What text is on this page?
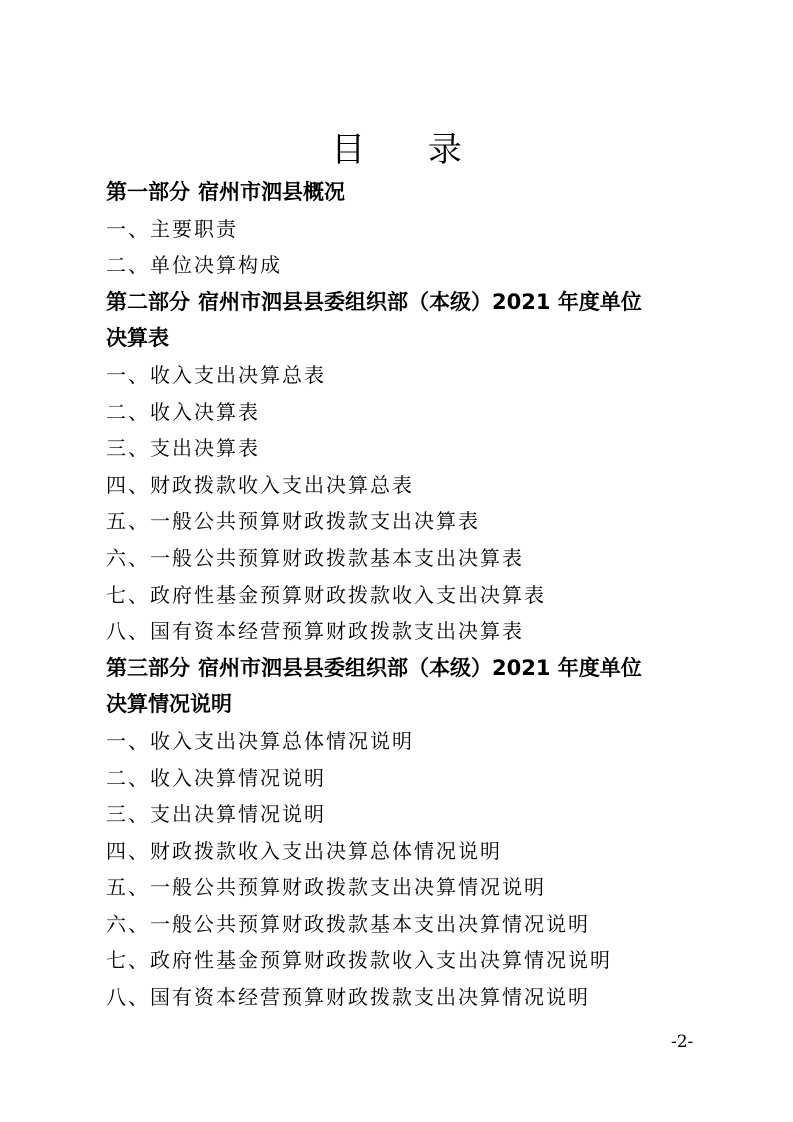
目 录
第一部分 宿州市泗县概况
一、主要职责
二、单位决算构成
第二部分 宿州市泗县县委组织部（本级）2021 年度单位
决算表
一、收入支出决算总表
二、收入决算表
三、支出决算表
四、财政拨款收入支出决算总表
五、一般公共预算财政拨款支出决算表
六、一般公共预算财政拨款基本支出决算表
七、政府性基金预算财政拨款收入支出决算表
八、国有资本经营预算财政拨款支出决算表
第三部分 宿州市泗县县委组织部（本级）2021 年度单位
决算情况说明
一、收入支出决算总体情况说明
二、收入决算情况说明
三、支出决算情况说明
四、财政拨款收入支出决算总体情况说明
五、一般公共预算财政拨款支出决算情况说明
六、一般公共预算财政拨款基本支出决算情况说明
七、政府性基金预算财政拨款收入支出决算情况说明
八、国有资本经营预算财政拨款支出决算情况说明
-2-
